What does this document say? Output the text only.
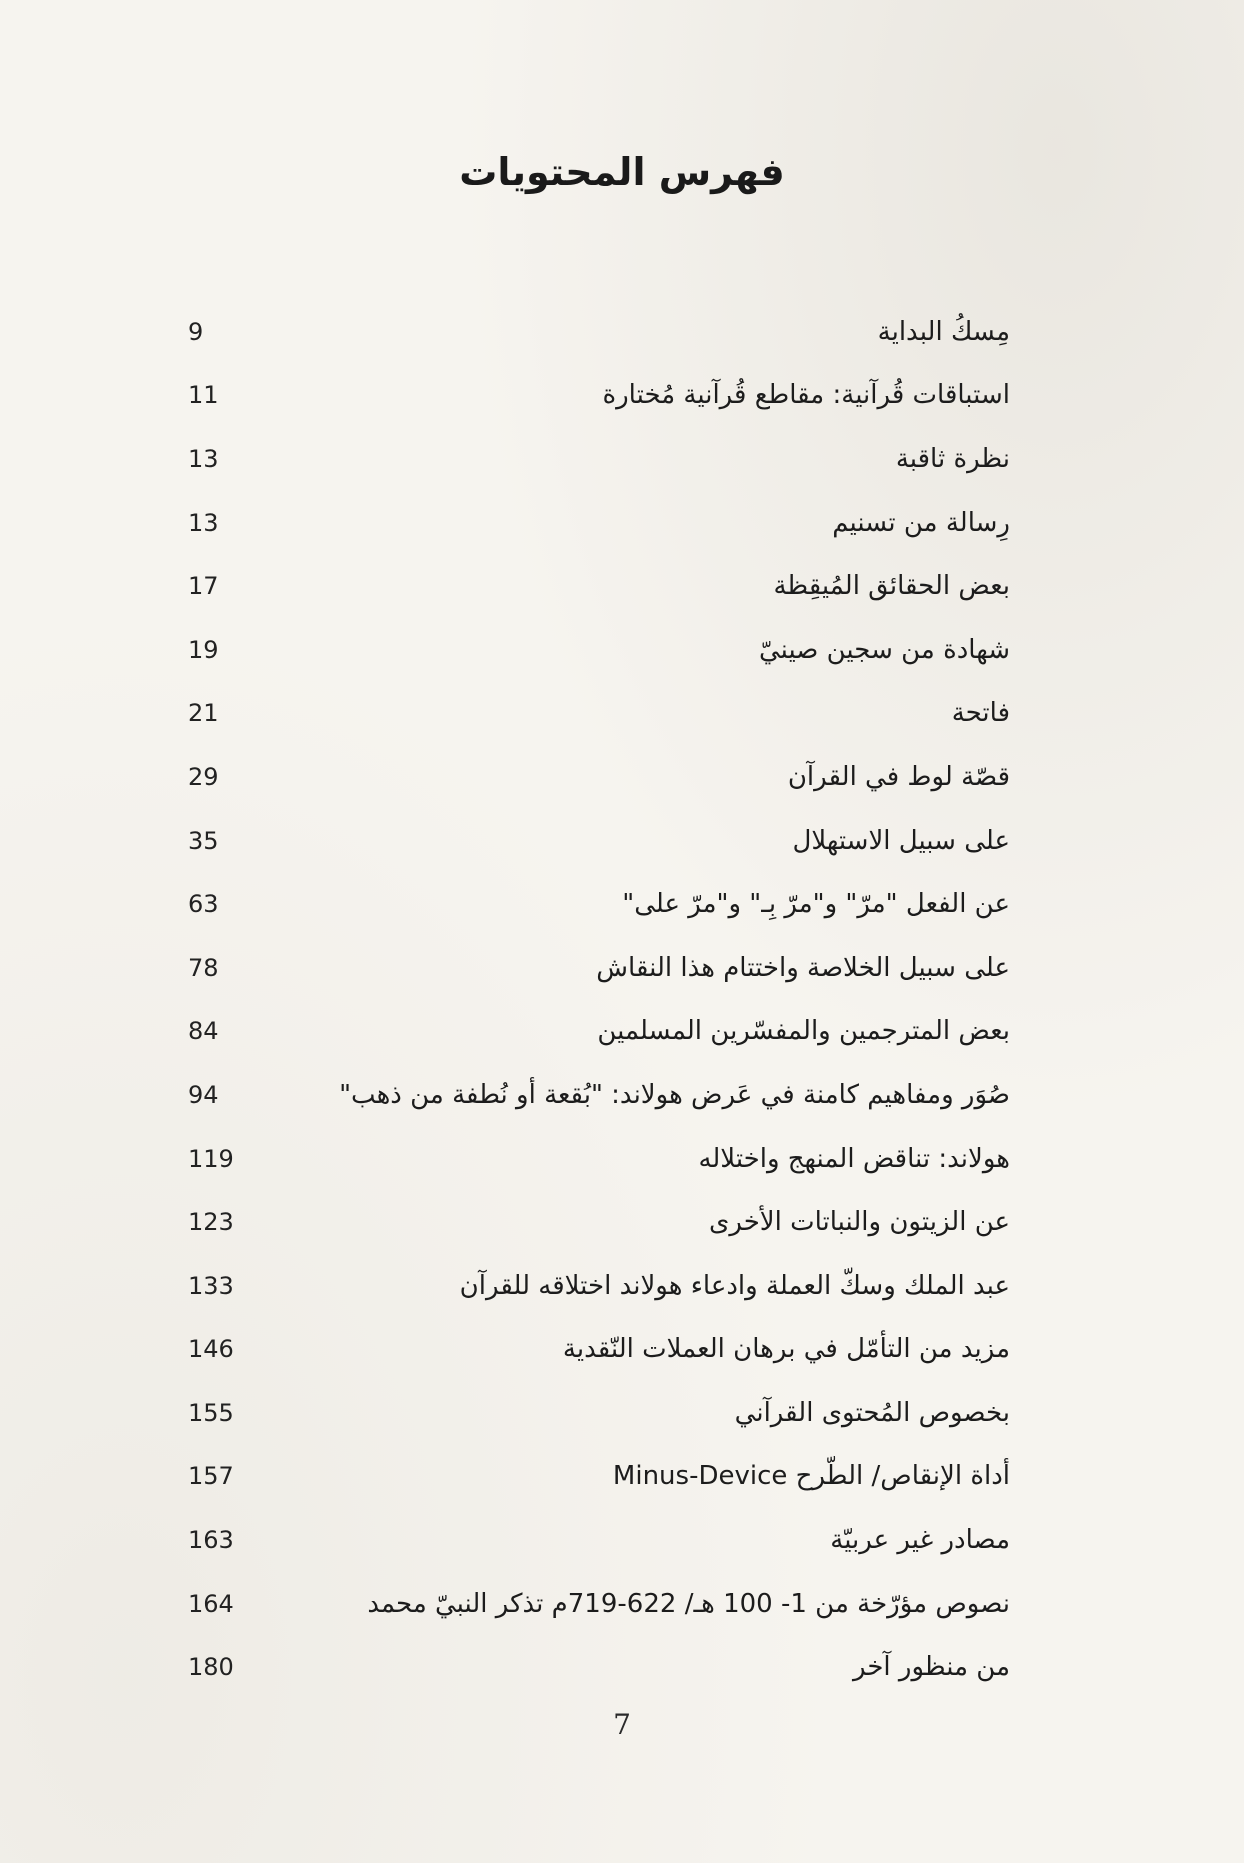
فهرس المحتويات
9	مِسكُ البداية
11	استباقات قُرآنية: مقاطع قُرآنية مُختارة
13	نظرة ثاقبة
13	رِسالة من تسنيم
17	بعض الحقائق المُيقِظة
19	شهادة من سجين صينيّ
21	فاتحة
29	قصّة لوط في القرآن
35	على سبيل الاستهلال
63	عن الفعل "مرّ" و"مرّ بِـ" و"مرّ على"
78	على سبيل الخلاصة واختتام هذا النقاش
84	بعض المترجمين والمفسّرين المسلمين
94	صُوَر ومفاهيم كامنة في عَرض هولاند: "بُقعة أو نُطفة من ذهب"
119	هولاند: تناقض المنهج واختلاله
123	عن الزيتون والنباتات الأخرى
133	عبد الملك وسكّ العملة وادعاء هولاند اختلاقه للقرآن
146	مزيد من التأمّل في برهان العملات النّقدية
155	بخصوص المُحتوى القرآني
157	أداة الإنقاص/ الطّرح Minus-Device
163	مصادر غير عربيّة
164	نصوص مؤرّخة من 1- 100 هـ/ 622-719م تذكر النبيّ محمد
180	من منظور آخر
7
